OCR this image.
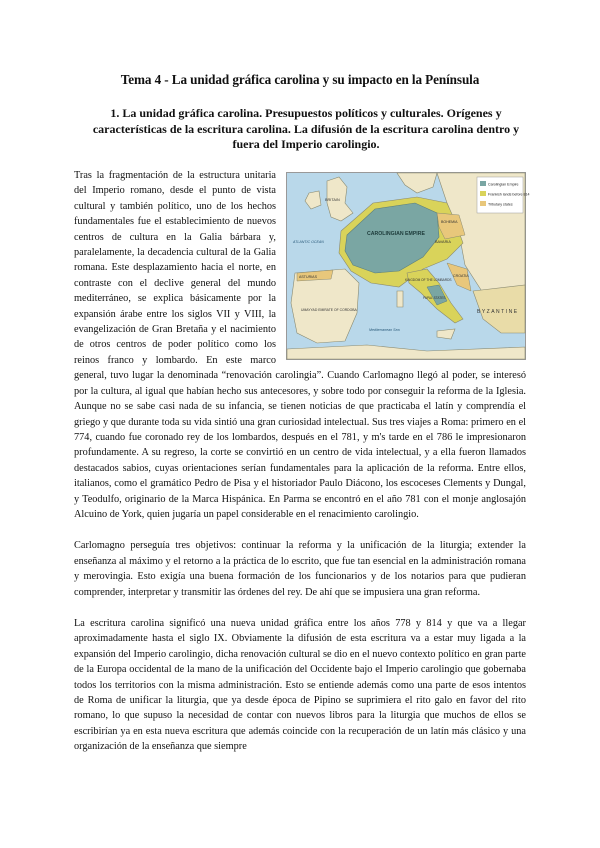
Tema 4 - La unidad gráfica carolina y su impacto en la Península
1. La unidad gráfica carolina. Presupuestos políticos y culturales. Orígenes y características de la escritura carolina. La difusión de la escritura carolina dentro y fuera del Imperio carolingio.

Carolingian Empire
Frankish lands before 814
Tributary states
CAROLINGIAN EMPIRE
BRITAIN
BAVARIA
BOHEMIA
CROATIA
KINGDOM OF THE LOMBARDS
PAPAL STATES
ASTURIAS
UMAYYAD EMIRATE OF CORDOBA	BYZANTINE
ATLANTIC OCEAN
Mediterranean Sea
Tras la fragmentación de la estructura unitaria del Imperio romano, desde el punto de vista cultural y también político, uno de los hechos fundamentales fue el establecimiento de nuevos centros de cultura en la Galia bárbara y, paralelamente, la decadencia cultural de la Galia romana. Este desplazamiento hacia el norte, en contraste con el declive general del mundo mediterráneo, se explica básicamente por la expansión árabe entre los siglos VII y VIII, la evangelización de Gran Bretaña y el nacimiento de otros centros de poder político como los reinos franco y lombardo. En este marco general, tuvo lugar la denominada “renovación carolingia”. Cuando Carlomagno llegó al poder, se interesó por la cultura, al igual que habían hecho sus antecesores, y sobre todo por conseguir la reforma de la Iglesia. Aunque no se sabe casi nada de su infancia, se tienen noticias de que practicaba el latín y comprendía el griego y que durante toda su vida sintió una gran curiosidad intelectual. Sus tres viajes a Roma: primero en el 774, cuando fue coronado rey de los lombardos, después en el 781, y m's tarde en el 786 le impresionaron profundamente. A su regreso, la corte se convirtió en un centro de vida intelectual, y a ella fueron llamados destacados sabios, cuyas orientaciones serían fundamentales para la aplicación de la reforma. Entre ellos, italianos, como el gramático Pedro de Pisa y el historiador Paulo Diácono, los escoceses Clements y Dungal, y Teodulfo, originario de la Marca Hispánica. En Parma se encontró en el año 781 con el monje anglosajón Alcuino de York, quien jugaría un papel considerable en el renacimiento carolingio.

Carlomagno perseguía tres objetivos: continuar la reforma y la unificación de la liturgia; extender la enseñanza al máximo y el retorno a la práctica de lo escrito, que fue tan esencial en la administración romana y merovingia. Esto exigía una buena formación de los funcionarios y de los notarios para que pudieran comprender, interpretar y transmitir las órdenes del rey. De ahí que se impusiera una gran reforma.

La escritura carolina significó una nueva unidad gráfica entre los años 778 y 814 y que va a llegar aproximadamente hasta el siglo IX. Obviamente la difusión de esta escritura va a estar muy ligada a la expansión del Imperio carolingio, dicha renovación cultural se dio en el nuevo contexto político en gran parte de la Europa occidental de la mano de la unificación del Occidente bajo el Imperio carolingio que gobernaba todos los territorios con la misma administración. Esto se entiende además como una parte de esos intentos de Roma de unificar la liturgia, que ya desde época de Pipino se suprimiera el rito galo en favor del rito romano, lo que supuso la necesidad de contar con nuevos libros para la liturgia que muchos de ellos se escribirían ya en esta nueva escritura que además coincide con la recuperación de un latín más clásico y una organización de la enseñanza que siempre
